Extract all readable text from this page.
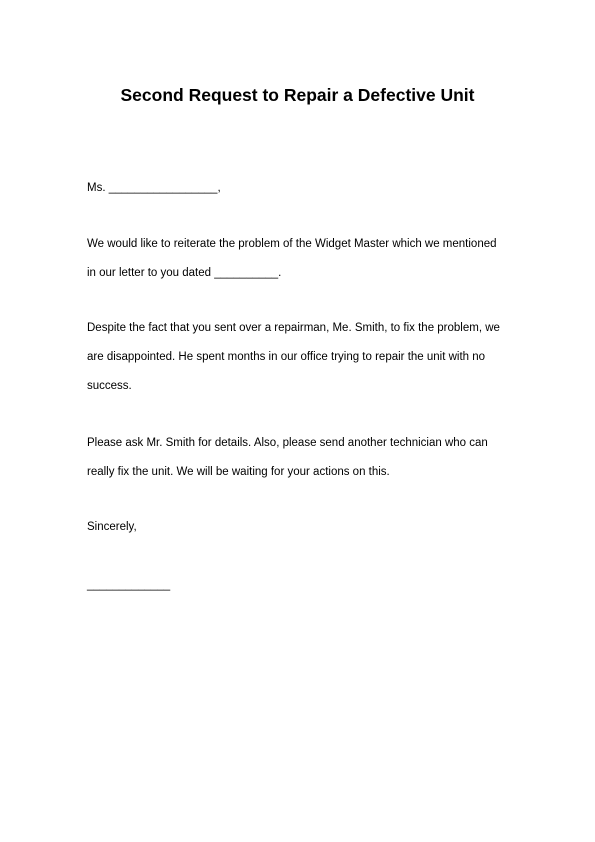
Second Request to Repair a Defective Unit
Ms. _________________,
We would like to reiterate the problem of the Widget Master which we mentioned
in our letter to you dated __________.
Despite the fact that you sent over a repairman, Me. Smith, to fix the problem, we
are disappointed. He spent months in our office trying to repair the unit with no
success.
Please ask Mr. Smith for details. Also, please send another technician who can
really fix the unit. We will be waiting for your actions on this.
Sincerely,
_____________
